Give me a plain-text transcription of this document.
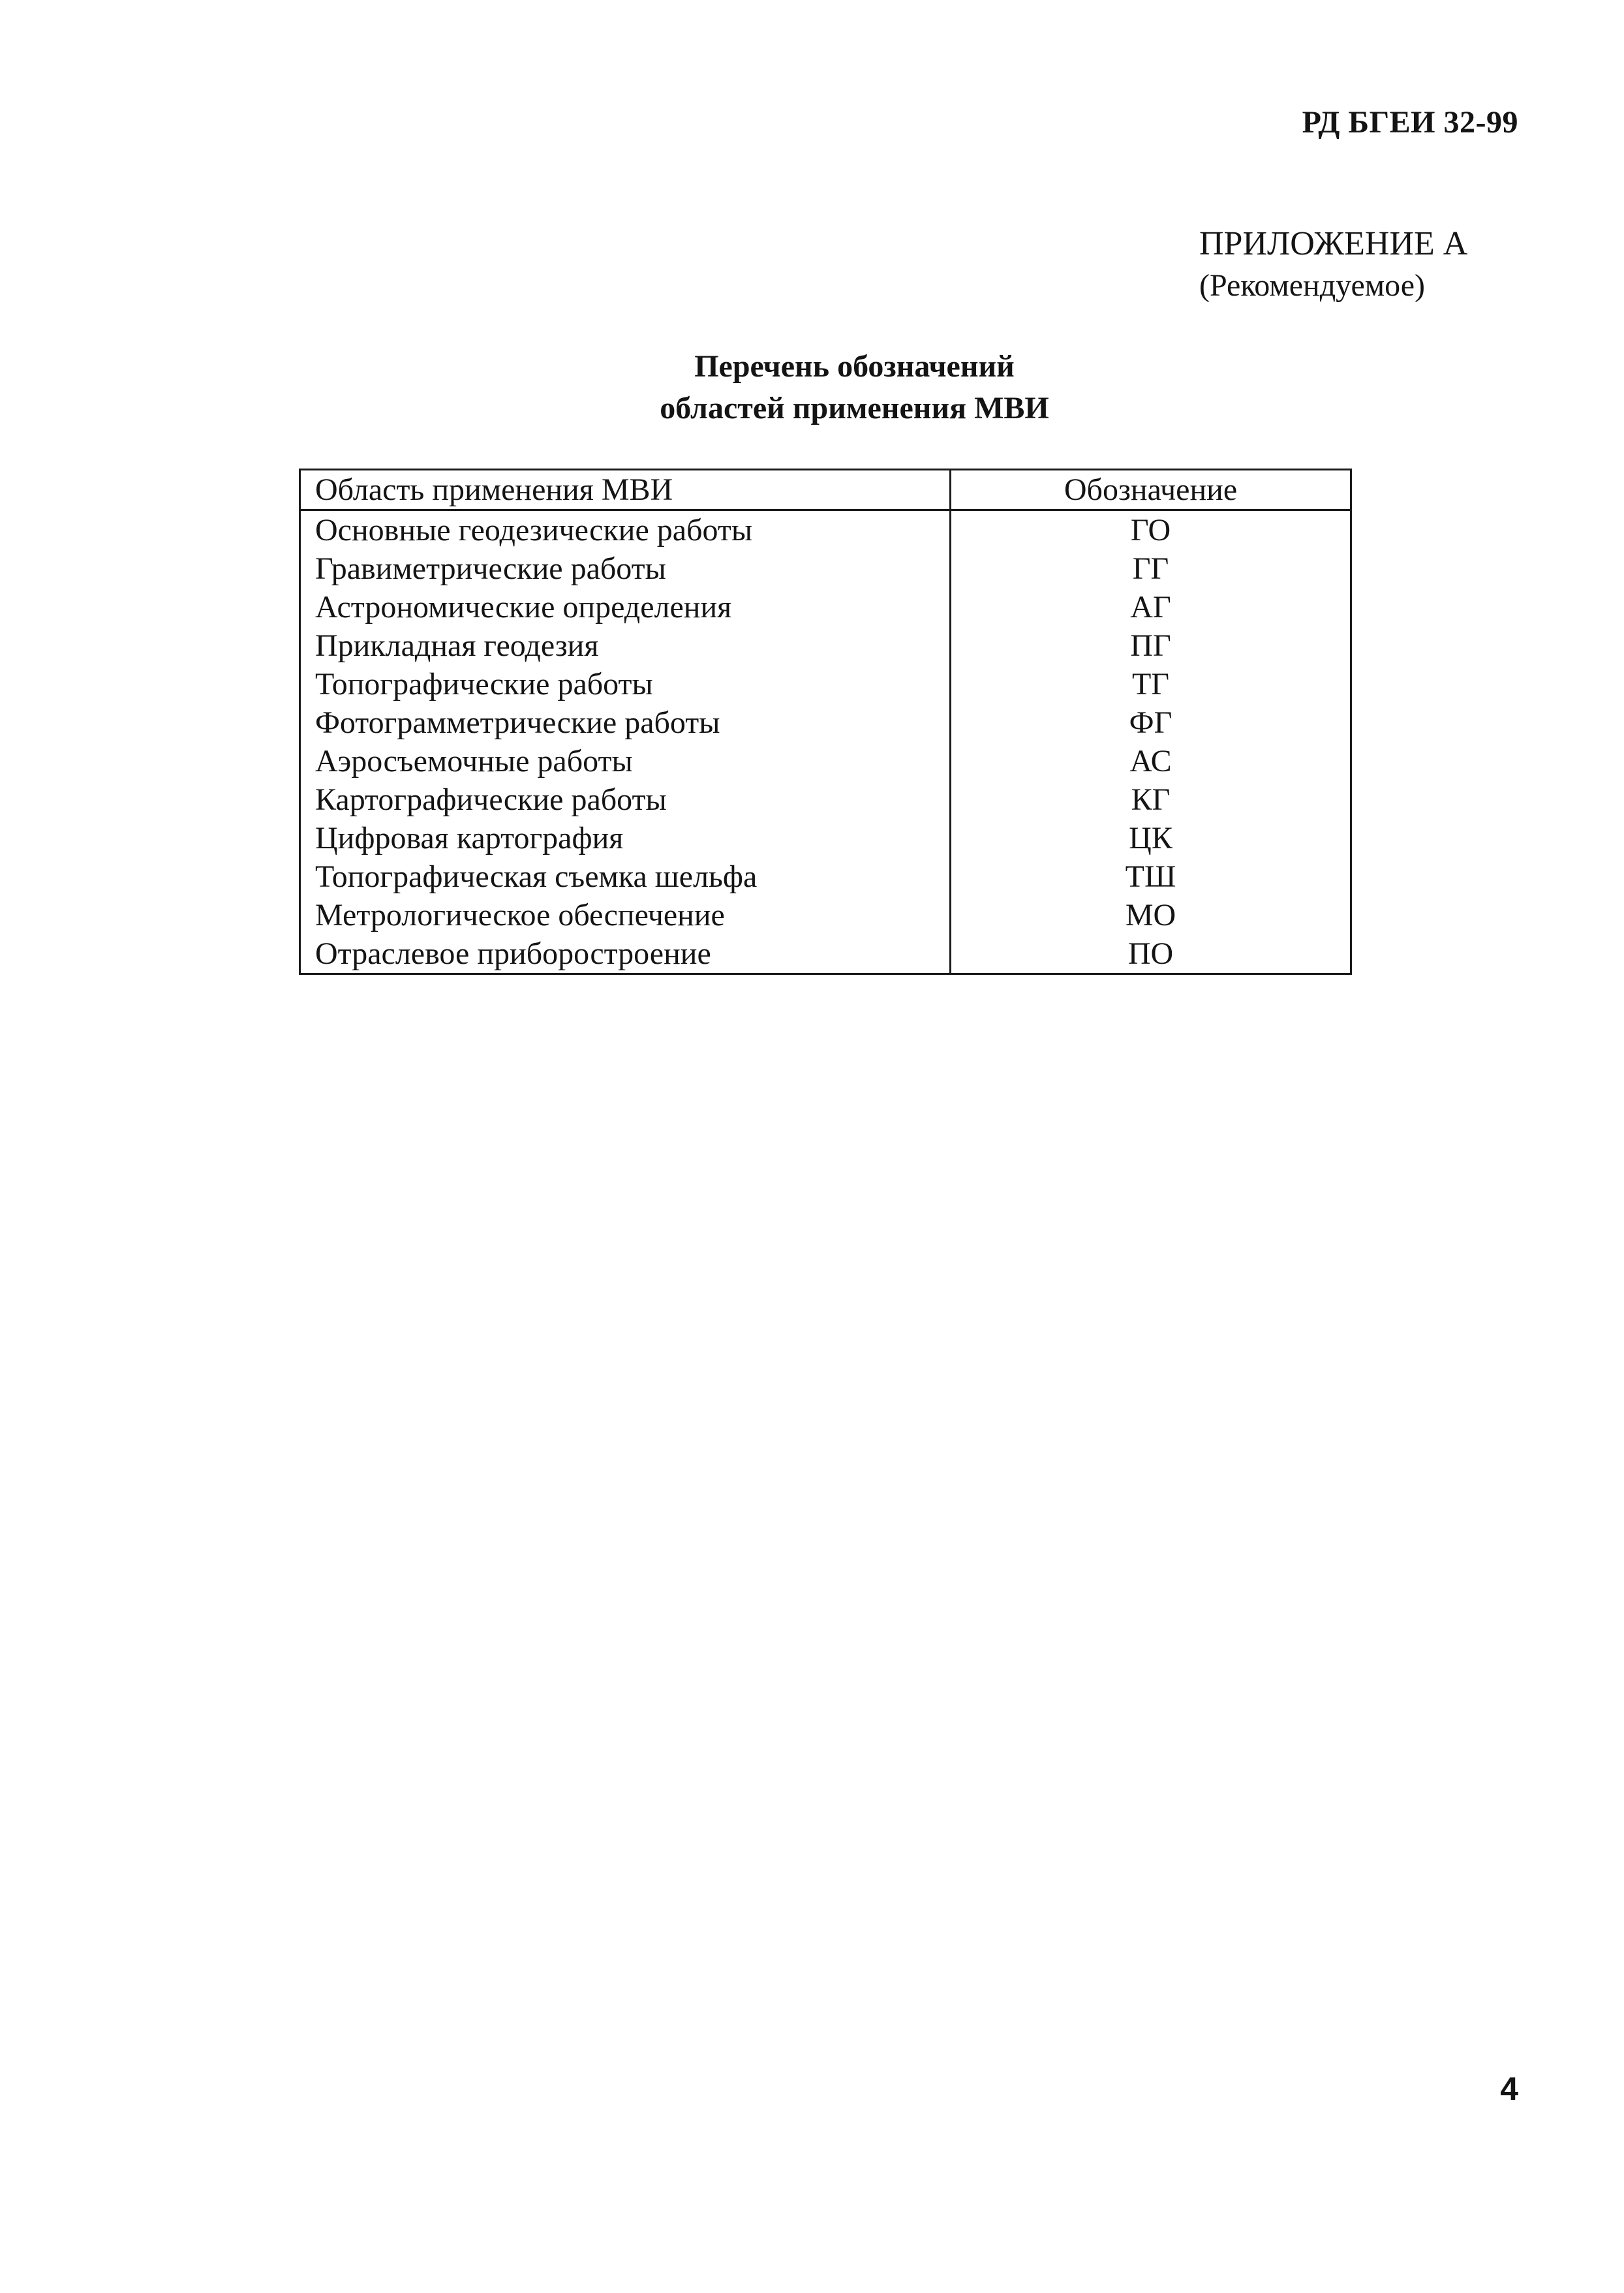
РД БГЕИ 32-99
ПРИЛОЖЕНИЕ А
(Рекомендуемое)
Перечень обозначений
областей применения МВИ
Область применения МВИ	Обозначение
Основные геодезические работы	ГО
Гравиметрические работы	ГГ
Астрономические определения	АГ
Прикладная геодезия	ПГ
Топографические работы	ТГ
Фотограмметрические работы	ФГ
Аэросъемочные работы	АС
Картографические работы	КГ
Цифровая картография	ЦК
Топографическая съемка шельфа	ТШ
Метрологическое обеспечение	МО
Отраслевое приборостроение	ПО
4
